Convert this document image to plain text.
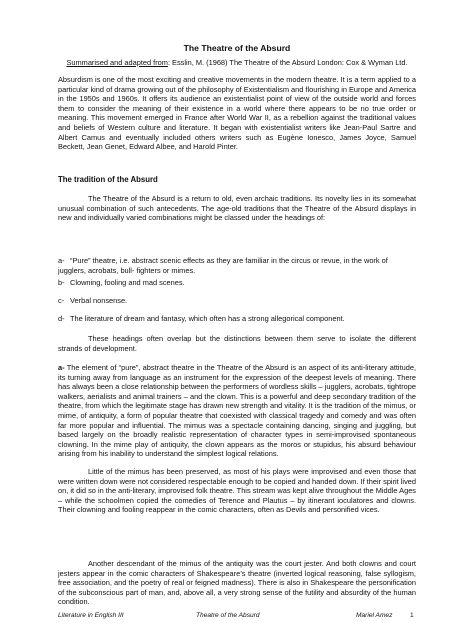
The Theatre of the Absurd
Summarised and adapted from: Esslin, M. (1968) The Theatre of the Absurd London: Cox & Wyman Ltd.
Absurdism is one of the most exciting and creative movements in the modern theatre. It is a term applied to a particular kind of drama growing out of the philosophy of Existentialism and flourishing in Europe and America in the 1950s and 1960s. It offers its audience an existentialist point of view of the outside world and forces them to consider the meaning of their existence in a world where there appears to be no true order or meaning. This movement emerged in France after World War II, as a rebellion against the traditional values and beliefs of Western culture and literature. It began with existentialist writers like Jean-Paul Sartre and Albert Camus and eventually included others writers such as Eugène Ionesco, James Joyce, Samuel Beckett, Jean Genet, Edward Albee, and Harold Pinter.
The tradition of the Absurd
The Theatre of the Absurd is a return to old, even archaic traditions. Its novelty lies in its somewhat unusual combination of such antecedents. The age-old traditions that the Theatre of the Absurd displays in new and individually varied combinations might be classed under the headings of:
a- “Pure” theatre, i.e. abstract scenic effects as they are familiar in the circus or revue, in the work of jugglers, acrobats, bull- fighters or mimes.
b- Clowning, fooling and mad scenes.
c- Verbal nonsense.
d- The literature of dream and fantasy, which often has a strong allegorical component.
These headings often overlap but the distinctions between them serve to isolate the different strands of development.
a- The element of “pure”, abstract theatre in the Theatre of the Absurd is an aspect of its anti-literary attitude, its turning away from language as an instrument for the expression of the deepest levels of meaning. There has always been a close relationship between the performers of wordless skills – jugglers, acrobats, tightrope walkers, aerialists and animal trainers – and the clown. This is a powerful and deep secondary tradition of the theatre, from which the legitimate stage has drawn new strength and vitality. It is the tradition of the mimus, or mime, of antiquity, a form of popular theatre that coexisted with classical tragedy and comedy and was often far more popular and influential. The mimus was a spectacle containing dancing, singing and juggling, but based largely on the broadly realistic representation of character types in semi-improvised spontaneous clowning. In the mime play of antiquity, the clown appears as the moros or stupidus, his absurd behaviour arising from his inability to understand the simplest logical relations.
Little of the mimus has been preserved, as most of his plays were improvised and even those that were written down were not considered respectable enough to be copied and handed down. If their spirit lived on, it did so in the anti-literary, improvised folk theatre. This stream was kept alive throughout the Middle Ages – while the schoolmen copied the comedies of Terence and Plautus – by itinerant ioculatores and clowns. Their clowning and fooling reappear in the comic characters, often as Devils and personified vices.
Another descendant of the mimus of the antiquity was the court jester. And both clowns and court jesters appear in the comic characters of Shakespeare’s theatre (inverted logical reasoning, false syllogism, free association, and the poetry of real or feigned madness). There is also in Shakespeare the personification of the subconscious part of man, and, above all, a very strong sense of the futility and absurdity of the human condition.
Literature in English III	Theatre of the Absurd	Mariel Amez	1
